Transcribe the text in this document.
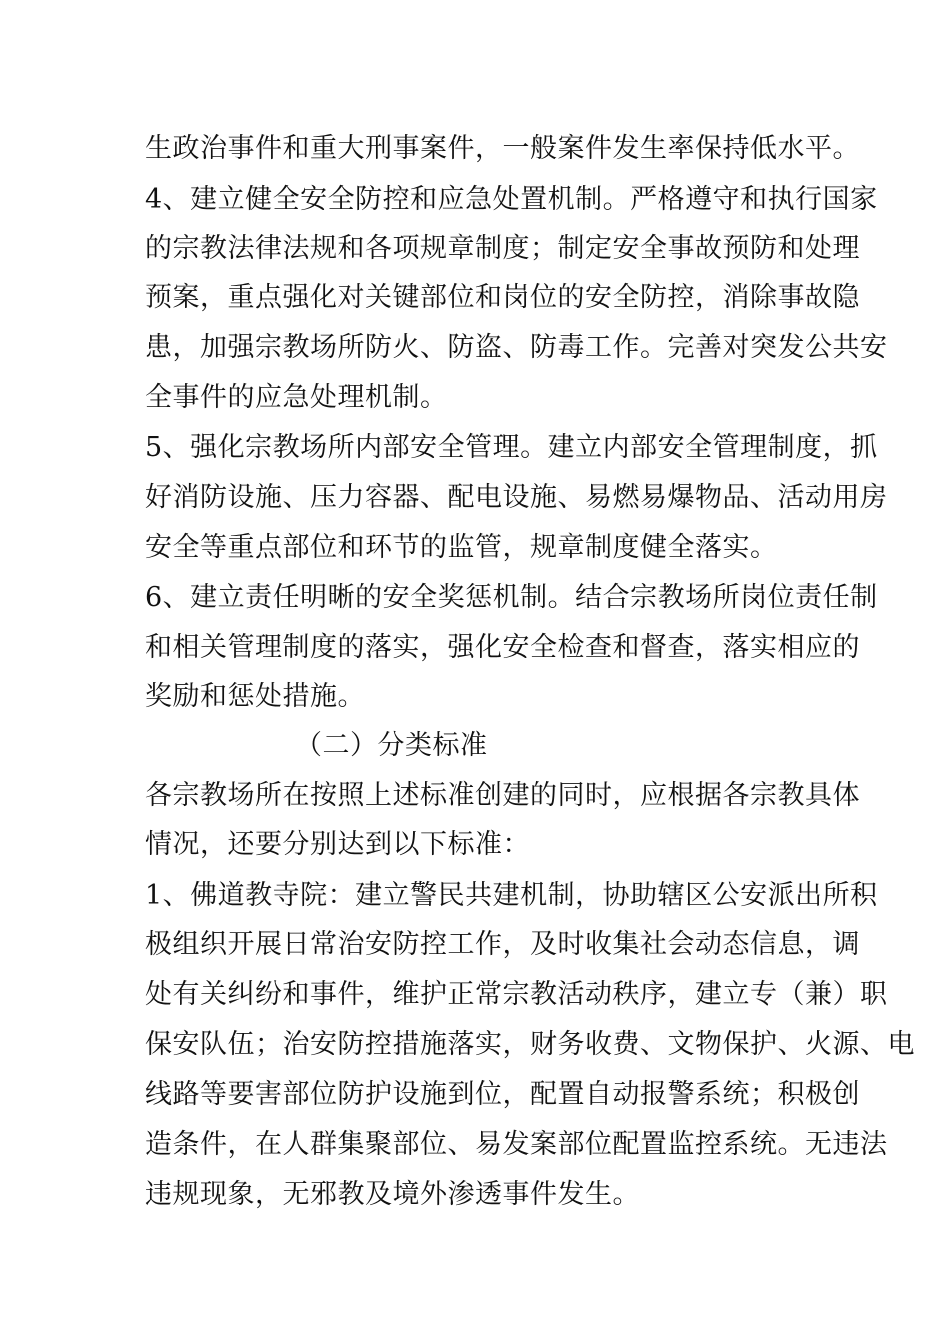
生政治事件和重大刑事案件，一般案件发生率保持低水平。
4、建立健全安全防控和应急处置机制。严格遵守和执行国家
的宗教法律法规和各项规章制度；制定安全事故预防和处理
预案，重点强化对关键部位和岗位的安全防控，消除事故隐
患，加强宗教场所防火、防盗、防毒工作。完善对突发公共安
全事件的应急处理机制。
5、强化宗教场所内部安全管理。建立内部安全管理制度，抓
好消防设施、压力容器、配电设施、易燃易爆物品、活动用房
安全等重点部位和环节的监管，规章制度健全落实。
6、建立责任明晰的安全奖惩机制。结合宗教场所岗位责任制
和相关管理制度的落实，强化安全检查和督查，落实相应的
奖励和惩处措施。
（二）分类标准
各宗教场所在按照上述标准创建的同时，应根据各宗教具体
情况，还要分别达到以下标准：
1、佛道教寺院：建立警民共建机制，协助辖区公安派出所积
极组织开展日常治安防控工作，及时收集社会动态信息，调
处有关纠纷和事件，维护正常宗教活动秩序，建立专（兼）职
保安队伍；治安防控措施落实，财务收费、文物保护、火源、电
线路等要害部位防护设施到位，配置自动报警系统；积极创
造条件，在人群集聚部位、易发案部位配置监控系统。无违法
违规现象，无邪教及境外渗透事件发生。
